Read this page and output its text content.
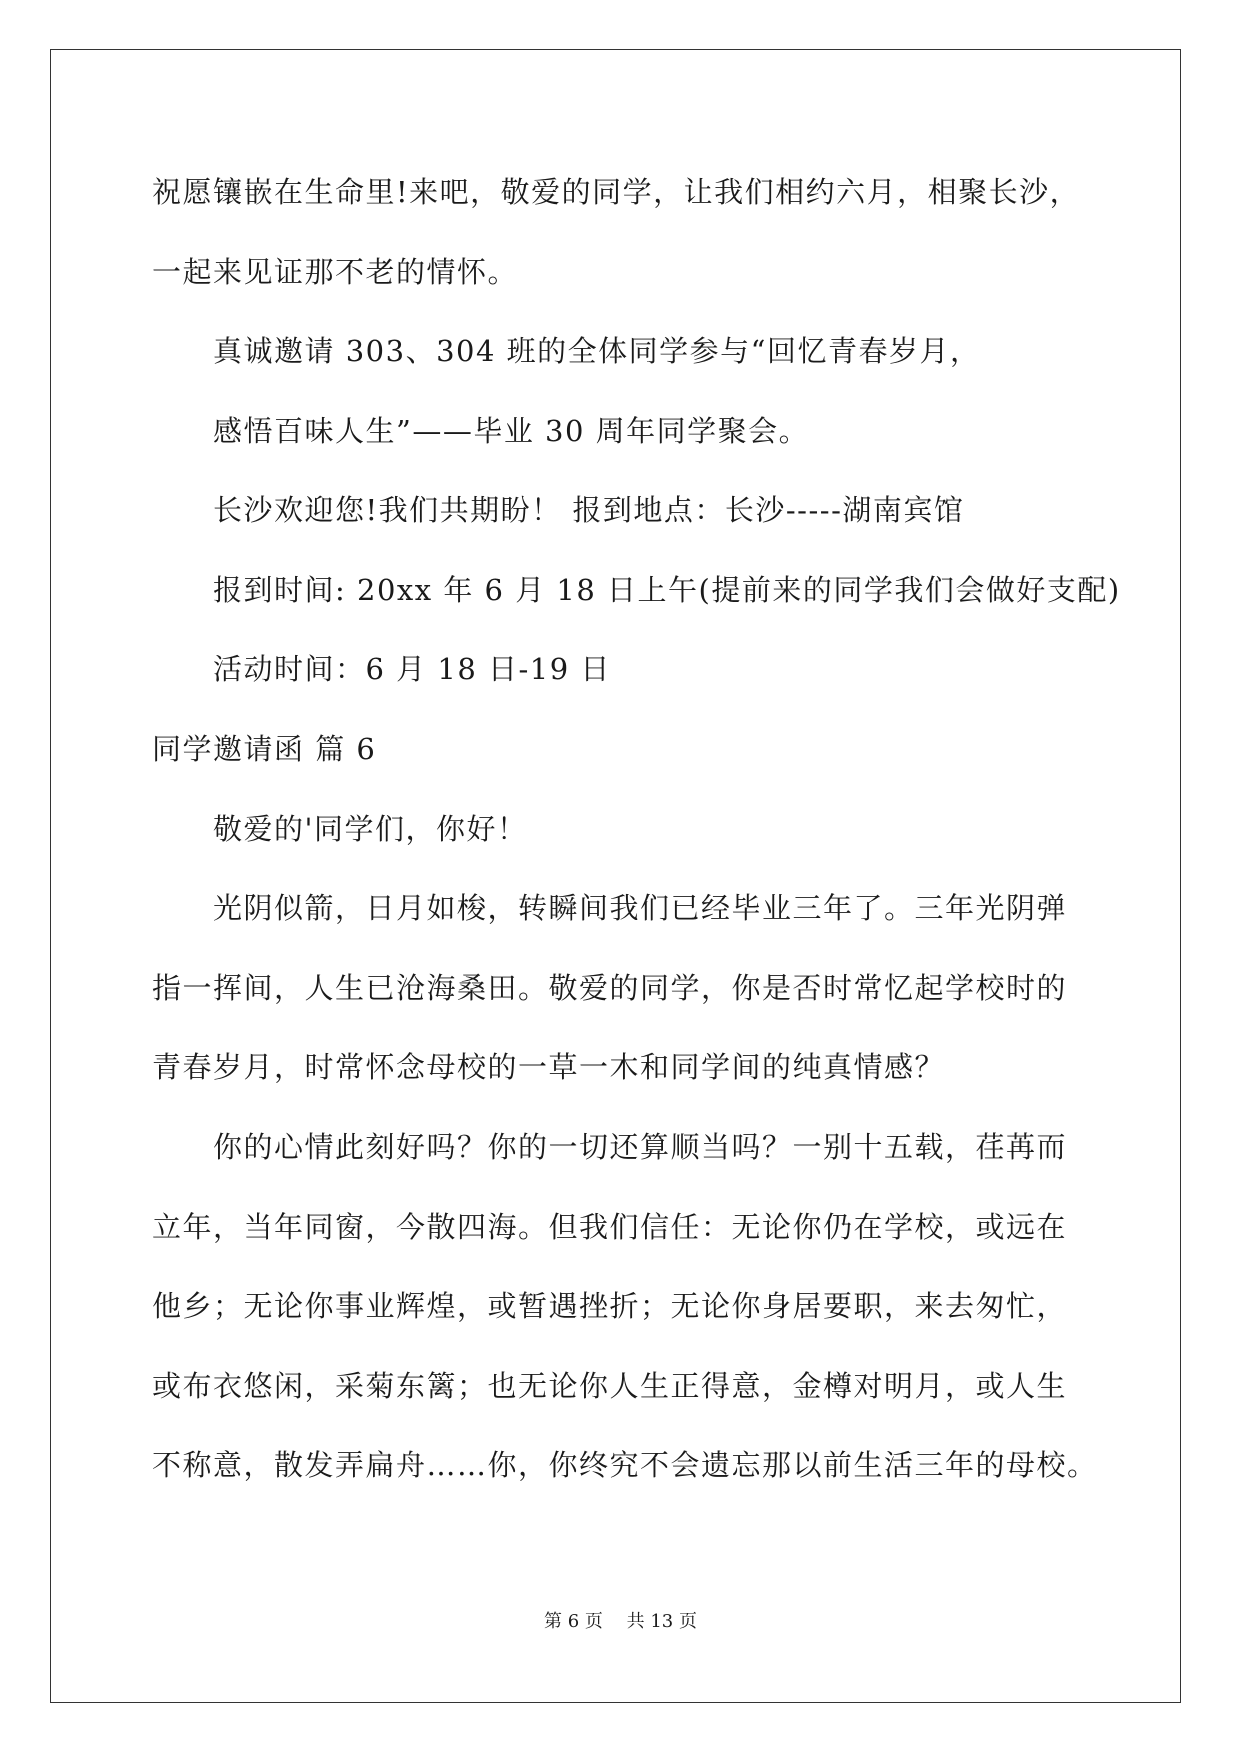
祝愿镶嵌在生命里!来吧，敬爱的同学，让我们相约六月，相聚长沙，
一起来见证那不老的情怀。
真诚邀请 303、304 班的全体同学参与“回忆青春岁月，
感悟百味人生”——毕业 30 周年同学聚会。
长沙欢迎您!我们共期盼！ 报到地点：长沙-----湖南宾馆
报到时间: 20xx 年 6 月 18 日上午(提前来的同学我们会做好支配)
活动时间：6 月 18 日-19 日
同学邀请函 篇 6
敬爱的'同学们，你好！
光阴似箭，日月如梭，转瞬间我们已经毕业三年了。三年光阴弹
指一挥间，人生已沧海桑田。敬爱的同学，你是否时常忆起学校时的
青春岁月，时常怀念母校的一草一木和同学间的纯真情感？
你的心情此刻好吗？你的一切还算顺当吗？一别十五载，荏苒而
立年，当年同窗，今散四海。但我们信任：无论你仍在学校，或远在
他乡；无论你事业辉煌，或暂遇挫折；无论你身居要职，来去匆忙，
或布衣悠闲，采菊东篱；也无论你人生正得意，金樽对明月，或人生
不称意，散发弄扁舟……你，你终究不会遗忘那以前生活三年的母校。
第 6 页　 共 13 页
